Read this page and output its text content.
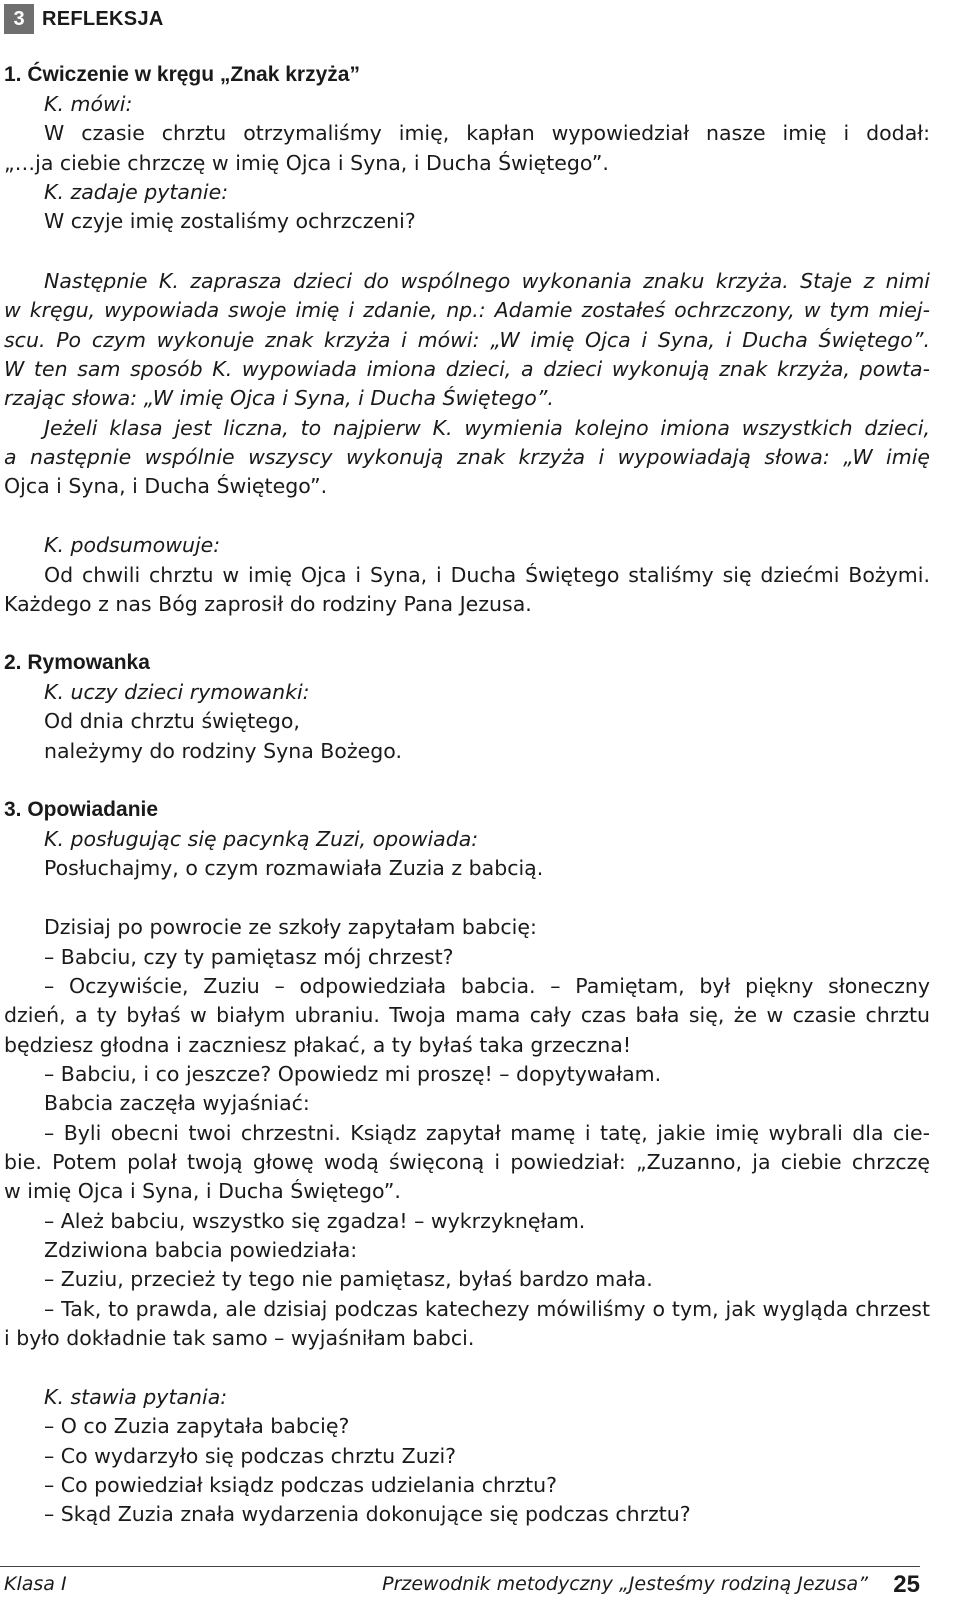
3 REFLEKSJA
1. Ćwiczenie w kręgu „Znak krzyża”
K. mówi:
W czasie chrztu otrzymaliśmy imię, kapłan wypowiedział nasze imię i dodał:
„…ja ciebie chrzczę w imię Ojca i Syna, i Ducha Świętego”.
K. zadaje pytanie:
W czyje imię zostaliśmy ochrzczeni?
Następnie K. zaprasza dzieci do wspólnego wykonania znaku krzyża. Staje z nimi
w kręgu, wypowiada swoje imię i zdanie, np.: Adamie zostałeś ochrzczony, w tym miej-
scu. Po czym wykonuje znak krzyża i mówi: „W imię Ojca i Syna, i Ducha Świętego”.
W ten sam sposób K. wypowiada imiona dzieci, a dzieci wykonują znak krzyża, powta-
rzając słowa: „W imię Ojca i Syna, i Ducha Świętego”.
Jeżeli klasa jest liczna, to najpierw K. wymienia kolejno imiona wszystkich dzieci,
a następnie wspólnie wszyscy wykonują znak krzyża i wypowiadają słowa: „W imię
Ojca i Syna, i Ducha Świętego”.
K. podsumowuje:
Od chwili chrztu w imię Ojca i Syna, i Ducha Świętego staliśmy się dziećmi Bożymi.
Każdego z nas Bóg zaprosił do rodziny Pana Jezusa.
2. Rymowanka
K. uczy dzieci rymowanki:
Od dnia chrztu świętego,
należymy do rodziny Syna Bożego.
3. Opowiadanie
K. posługując się pacynką Zuzi, opowiada:
Posłuchajmy, o czym rozmawiała Zuzia z babcią.
Dzisiaj po powrocie ze szkoły zapytałam babcię:
– Babciu, czy ty pamiętasz mój chrzest?
– Oczywiście, Zuziu – odpowiedziała babcia. – Pamiętam, był piękny słoneczny
dzień, a ty byłaś w białym ubraniu. Twoja mama cały czas bała się, że w czasie chrztu
będziesz głodna i zaczniesz płakać, a ty byłaś taka grzeczna!
– Babciu, i co jeszcze? Opowiedz mi proszę! – dopytywałam.
Babcia zaczęła wyjaśniać:
– Byli obecni twoi chrzestni. Ksiądz zapytał mamę i tatę, jakie imię wybrali dla cie-
bie. Potem polał twoją głowę wodą święconą i powiedział: „Zuzanno, ja ciebie chrzczę
w imię Ojca i Syna, i Ducha Świętego”.
– Ależ babciu, wszystko się zgadza! – wykrzyknęłam.
Zdziwiona babcia powiedziała:
– Zuziu, przecież ty tego nie pamiętasz, byłaś bardzo mała.
– Tak, to prawda, ale dzisiaj podczas katechezy mówiliśmy o tym, jak wygląda chrzest
i było dokładnie tak samo – wyjaśniłam babci.
K. stawia pytania:
– O co Zuzia zapytała babcię?
– Co wydarzyło się podczas chrztu Zuzi?
– Co powiedział ksiądz podczas udzielania chrztu?
– Skąd Zuzia znała wydarzenia dokonujące się podczas chrztu?
Klasa I	Przewodnik metodyczny „Jesteśmy rodziną Jezusa” 25
